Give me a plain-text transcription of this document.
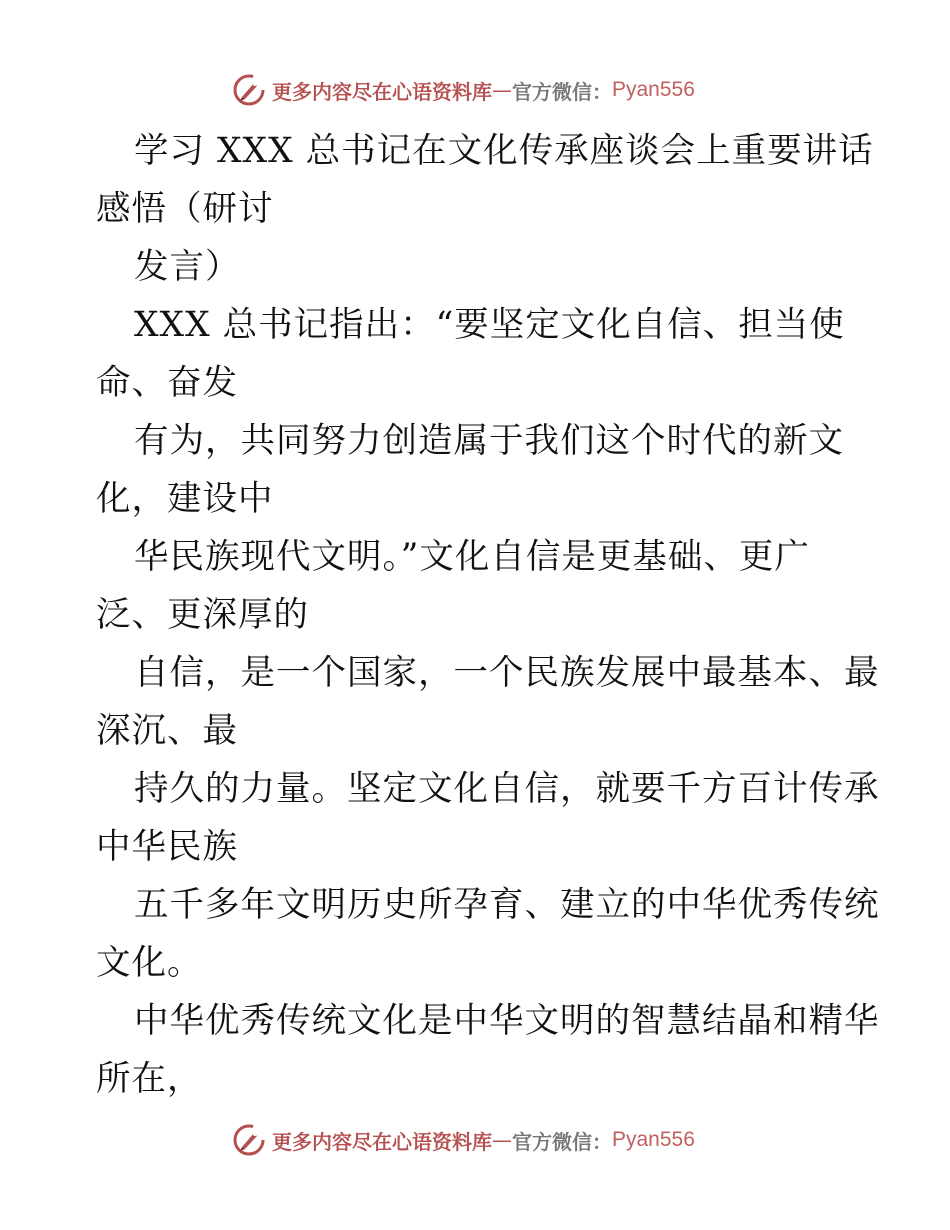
更多内容尽在心语资料库 — 官方微信： Pyan556
学习 XXX 总书记在文化传承座谈会上重要讲话
感悟（研讨
发言）
XXX 总书记指出：“要坚定文化自信、担当使
命、奋发
有为，共同努力创造属于我们这个时代的新文
化，建设中
华民族现代文明。”文化自信是更基础、更广
泛、更深厚的
自信，是一个国家，一个民族发展中最基本、最
深沉、最
持久的力量。坚定文化自信，就要千方百计传承
中华民族
五千多年文明历史所孕育、建立的中华优秀传统
文化。
中华优秀传统文化是中华文明的智慧结晶和精华
所在，
更多内容尽在心语资料库 — 官方微信： Pyan556
